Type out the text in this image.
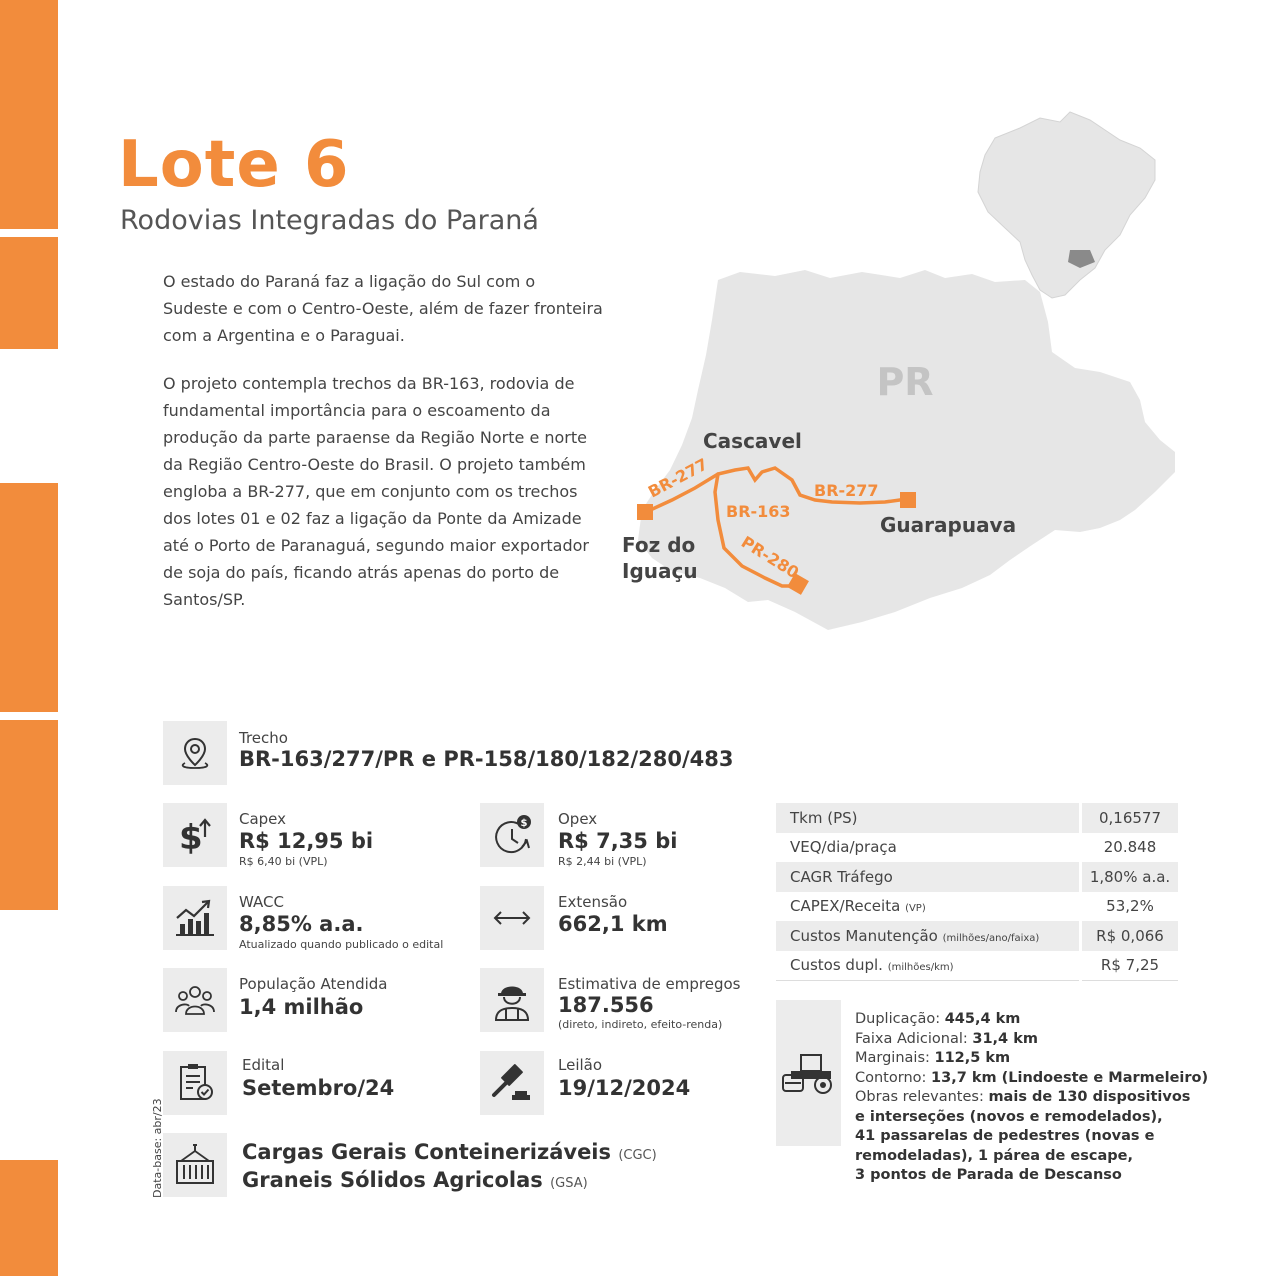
Lote 6
Rodovias Integradas do Paraná

O estado do Paraná faz a ligação do Sul com o Sudeste e com o Centro-Oeste, além de fazer fronteira com a Argentina e o Paraguai.

O projeto contempla trechos da BR-163, rodovia de fundamental importância para o escoamento da produção da parte paraense da Região Norte e norte da Região Centro-Oeste do Brasil. O projeto também engloba a BR-277, que em conjunto com os trechos dos lotes 01 e 02 faz a ligação da Ponte da Amizade até o Porto de Paranaguá, segundo maior exportador de soja do país, ficando atrás apenas do porto de Santos/SP.

PR
BR-277	BR-277
BR-163
PR-280
Cascavel
Guarapuava
Foz do
Iguaçu
Trecho
BR-163/277/PR e PR-158/180/182/280/483
$ Capex
R$ 12,95 bi
R$ 6,40 bi (VPL)
$ Opex
R$ 7,35 bi
R$ 2,44 bi (VPL)
WACC
8,85% a.a.
Atualizado quando publicado o edital
Extensão
662,1 km
População Atendida
1,4 milhão
Estimativa de empregos
187.556
(direto, indireto, efeito-renda)
Edital
Setembro/24
Leilão
19/12/2024
Cargas Gerais Conteinerizáveis (CGC)
Graneis Sólidos Agricolas (GSA)
Data-base: abr/23
Tkm (PS)	0,16577
VEQ/dia/praça	20.848
CAGR Tráfego	1,80% a.a.
CAPEX/Receita (VP)	53,2%
Custos Manutenção (milhões/ano/faixa)	R$ 0,066
Custos dupl. (milhões/km)	R$ 7,25
Duplicação: 445,4 km
Faixa Adicional: 31,4 km
Marginais: 112,5 km
Contorno: 13,7 km (Lindoeste e Marmeleiro)
Obras relevantes: mais de 130 dispositivos
e interseções (novos e remodelados),
41 passarelas de pedestres (novas e
remodeladas), 1 párea de escape,
3 pontos de Parada de Descanso
